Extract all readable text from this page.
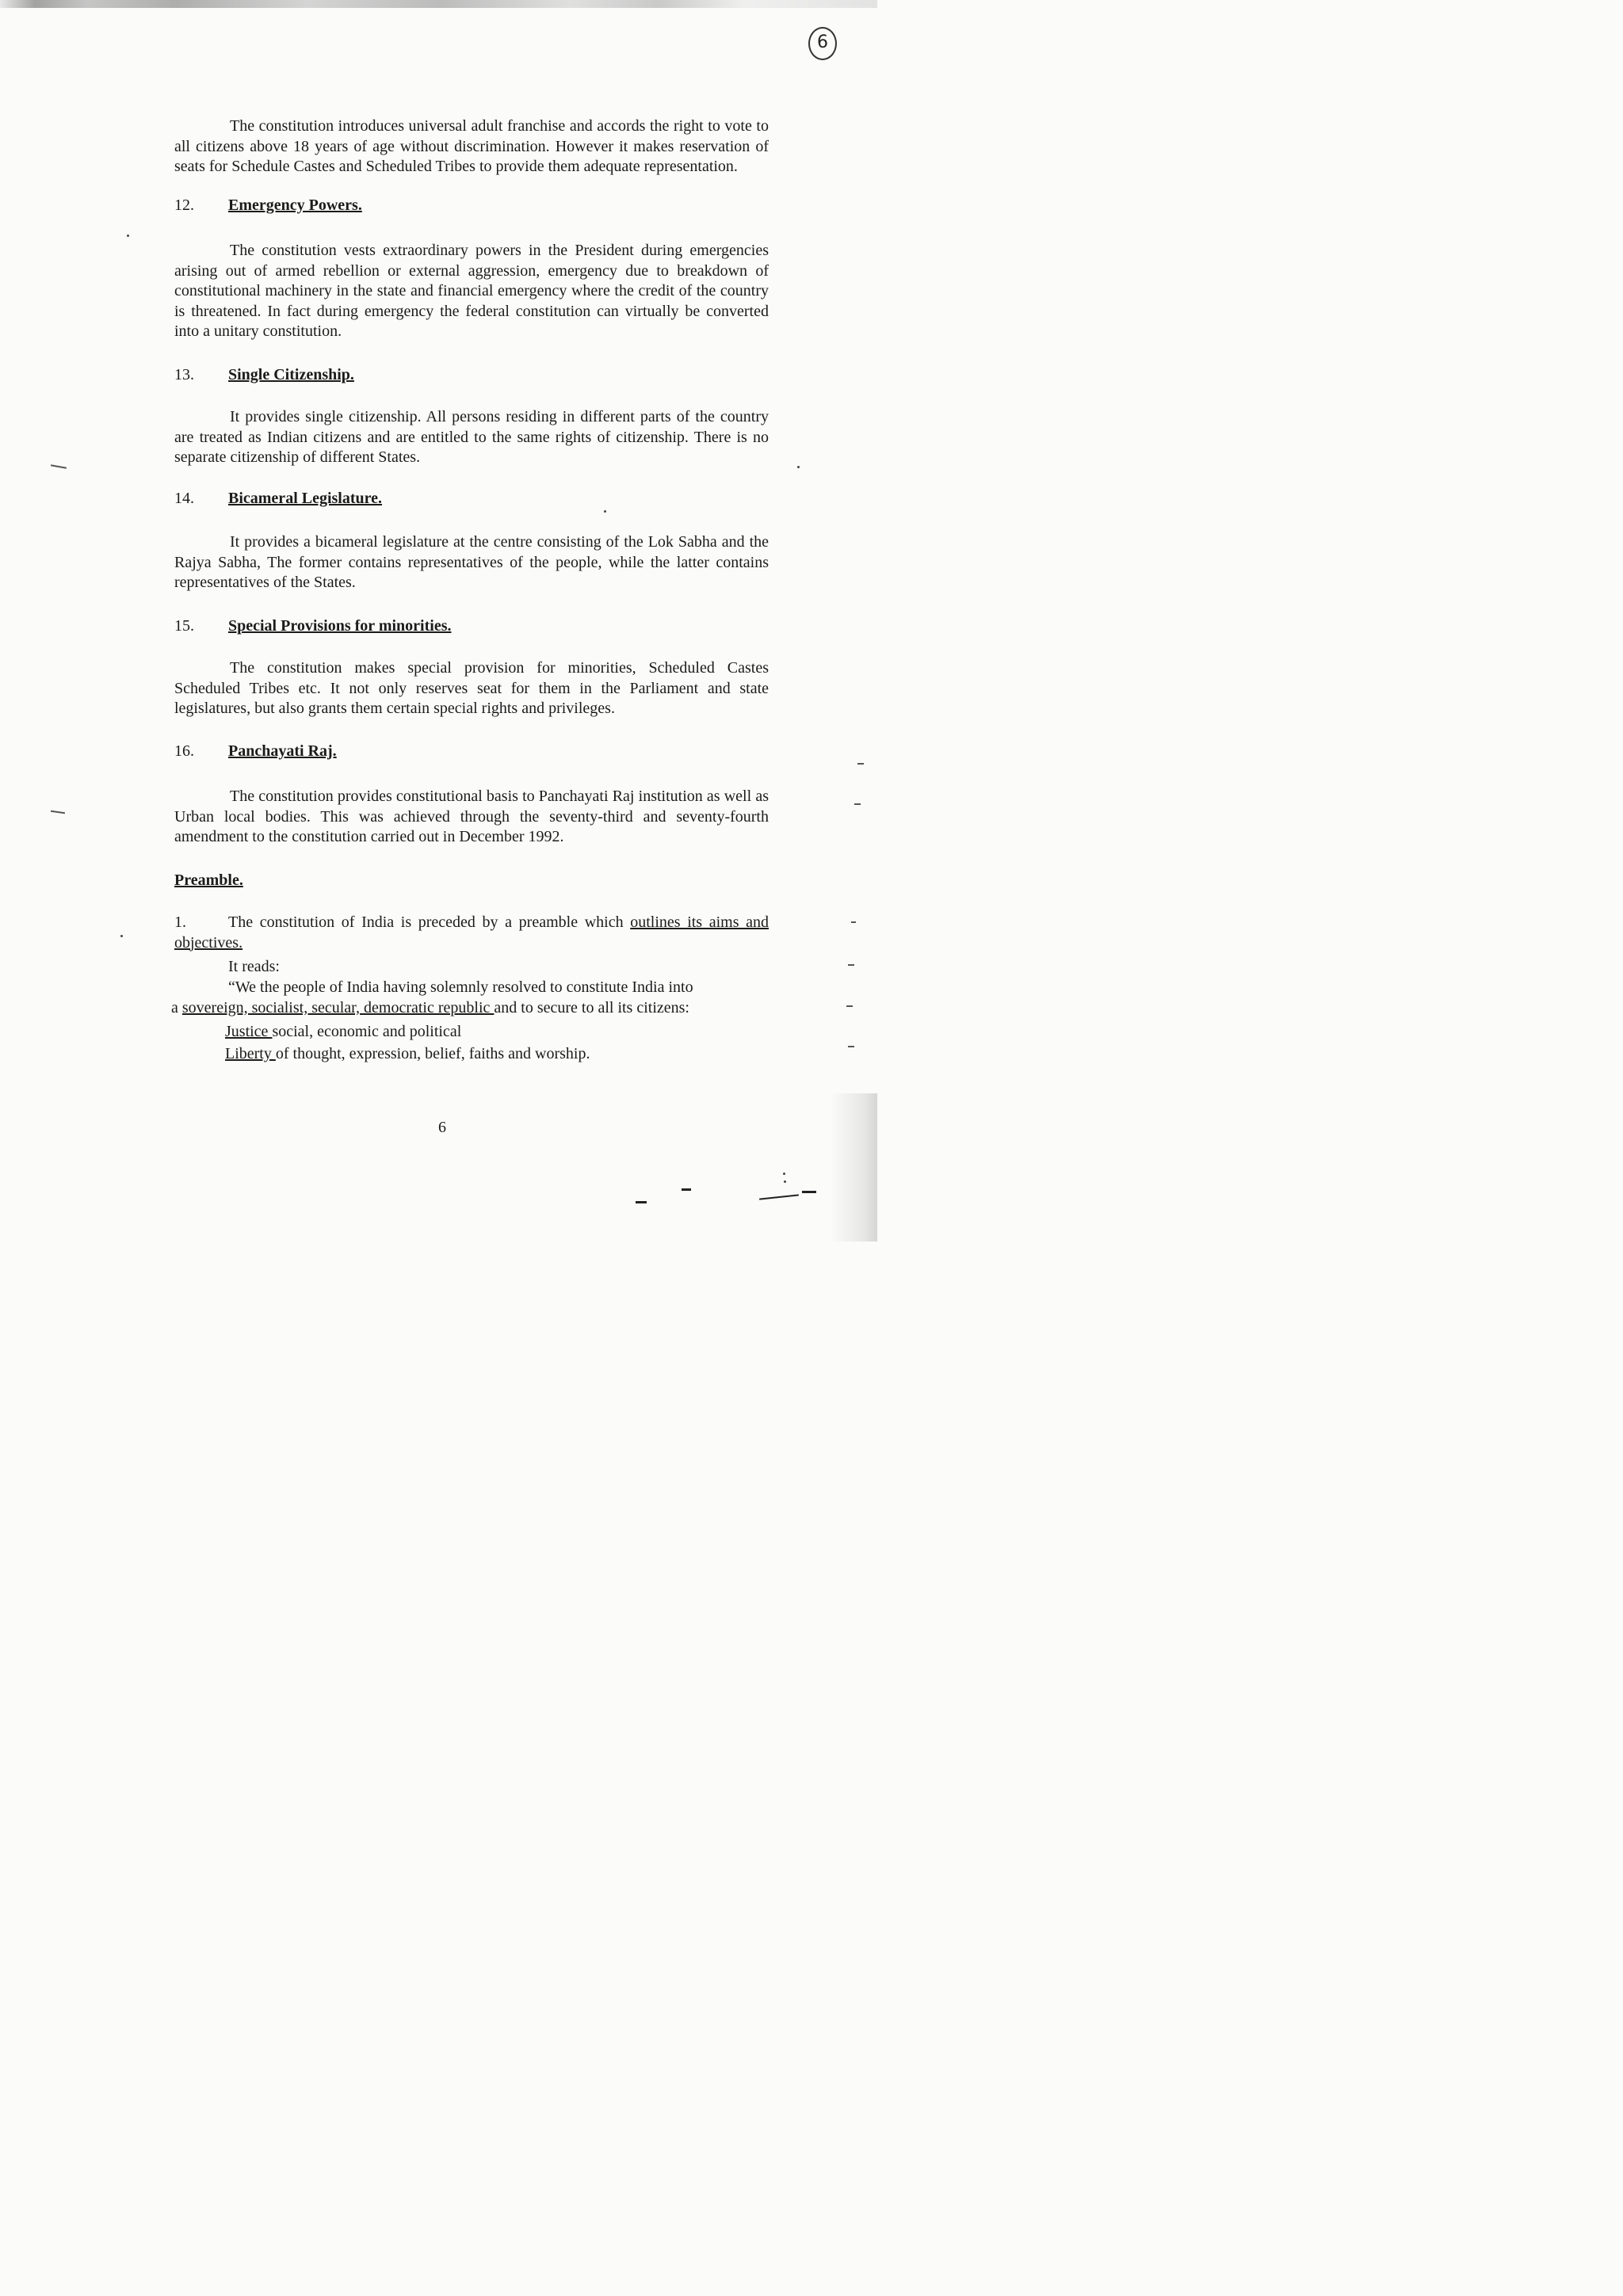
6
The constitution introduces universal adult franchise and accords the right to vote to all citizens above 18 years of age without discrimination. However it makes reservation of seats for Schedule Castes and Scheduled Tribes to provide them adequate representation.
12. Emergency Powers.
The constitution vests extraordinary powers in the President during emergencies arising out of armed rebellion or external aggression, emergency due to breakdown of constitutional machinery in the state and financial emergency where the credit of the country is threatened. In fact during emergency the federal constitution can virtually be converted into a unitary constitution.
13. Single Citizenship.
It provides single citizenship. All persons residing in different parts of the country are treated as Indian citizens and are entitled to the same rights of citizenship. There is no separate citizenship of different States.
14. Bicameral Legislature.
It provides a bicameral legislature at the centre consisting of the Lok Sabha and the Rajya Sabha, The former contains representatives of the people, while the latter contains representatives of the States.
15. Special Provisions for minorities.
The constitution makes special provision for minorities, Scheduled Castes Scheduled Tribes etc. It not only reserves seat for them in the Parliament and state legislatures, but also grants them certain special rights and privileges.
16. Panchayati Raj.
The constitution provides constitutional basis to Panchayati Raj institution as well as Urban local bodies. This was achieved through the seventy-third and seventy-fourth amendment to the constitution carried out in December 1992.
Preamble.
1.	The constitution of India is preceded by a preamble which outlines its aims and objectives.
It reads:
“We the people of India having solemnly resolved to constitute India into
a sovereign, socialist, secular, democratic republic and to secure to all its citizens:
Justice social, economic and political
Liberty of thought, expression, belief, faiths and worship.
6
